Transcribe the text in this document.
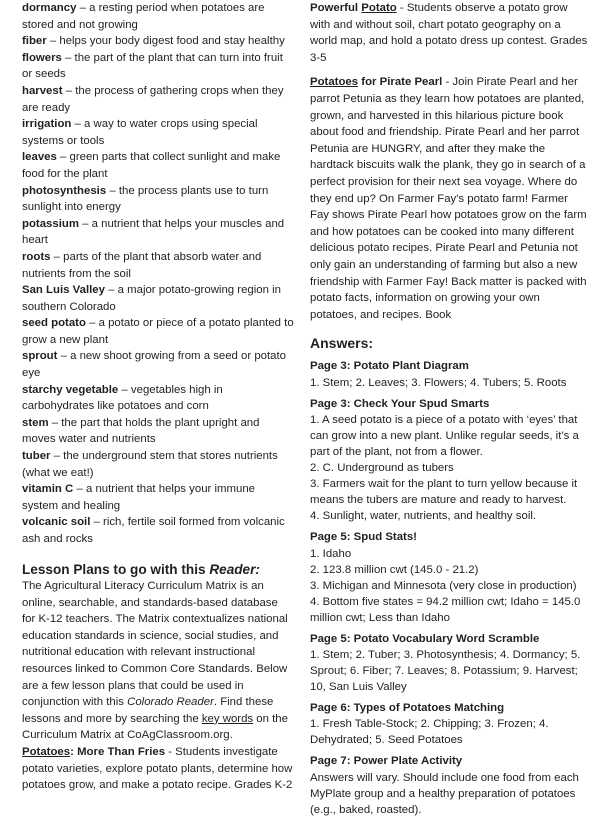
dormancy – a resting period when potatoes are stored and not growing

fiber – helps your body digest food and stay healthy

flowers – the part of the plant that can turn into fruit or seeds

harvest – the process of gathering crops when they are ready

irrigation – a way to water crops using special systems or tools

leaves – green parts that collect sunlight and make food for the plant

photosynthesis – the process plants use to turn sunlight into energy

potassium – a nutrient that helps your muscles and heart

roots – parts of the plant that absorb water and nutrients from the soil

San Luis Valley – a major potato-growing region in southern Colorado

seed potato – a potato or piece of a potato planted to grow a new plant

sprout – a new shoot growing from a seed or potato eye

starchy vegetable – vegetables high in carbohydrates like potatoes and corn

stem – the part that holds the plant upright and moves water and nutrients

tuber – the underground stem that stores nutrients (what we eat!)

vitamin C – a nutrient that helps your immune system and healing

volcanic soil – rich, fertile soil formed from volcanic ash and rocks

Lesson Plans to go with this Reader:

The Agricultural Literacy Curriculum Matrix is an online, searchable, and standards-based database for K-12 teachers. The Matrix contextualizes national education standards in science, social studies, and nutritional education with relevant instructional resources linked to Common Core Standards. Below are a few lesson plans that could be used in conjunction with this Colorado Reader. Find these lessons and more by searching the key words on the Curriculum Matrix at CoAgClassroom.org.

Potatoes: More Than Fries - Students investigate potato varieties, explore potato plants, determine how potatoes grow, and make a potato recipe. Grades K-2

Powerful Potato - Students observe a potato grow with and without soil, chart potato geography on a world map, and hold a potato dress up contest. Grades 3-5

Potatoes for Pirate Pearl - Join Pirate Pearl and her parrot Petunia as they learn how potatoes are planted, grown, and harvested in this hilarious picture book about food and friendship. Pirate Pearl and her parrot Petunia are HUNGRY, and after they make the hardtack biscuits walk the plank, they go in search of a perfect provision for their next sea voyage. Where do they end up? On Farmer Fay's potato farm! Farmer Fay shows Pirate Pearl how potatoes grow on the farm and how potatoes can be cooked into many different delicious potato recipes. Pirate Pearl and Petunia not only gain an understanding of farming but also a new friendship with Farmer Fay! Back matter is packed with potato facts, information on growing your own potatoes, and recipes. Book

Answers:

Page 3: Potato Plant Diagram
1. Stem; 2. Leaves; 3. Flowers; 4. Tubers; 5. Roots
Page 3: Check Your Spud Smarts
1. A seed potato is a piece of a potato with ‘eyes’ that can grow into a new plant. Unlike regular seeds, it’s a part of the plant, not from a flower.
2. C. Underground as tubers
3. Farmers wait for the plant to turn yellow because it means the tubers are mature and ready to harvest.
4. Sunlight, water, nutrients, and healthy soil.
Page 5: Spud Stats!
1. Idaho
2. 123.8 million cwt (145.0 - 21.2)
3. Michigan and Minnesota (very close in production)
4. Bottom five states = 94.2 million cwt; Idaho = 145.0 million cwt; Less than Idaho
Page 5: Potato Vocabulary Word Scramble
1. Stem; 2. Tuber; 3. Photosynthesis; 4. Dormancy; 5. Sprout; 6. Fiber; 7. Leaves; 8. Potassium; 9. Harvest; 10, San Luis Valley
Page 6: Types of Potatoes Matching
1. Fresh Table-Stock; 2. Chipping; 3. Frozen; 4. Dehydrated; 5. Seed Potatoes
Page 7: Power Plate Activity
Answers will vary. Should include one food from each MyPlate group and a healthy preparation of potatoes (e.g., baked, roasted).
